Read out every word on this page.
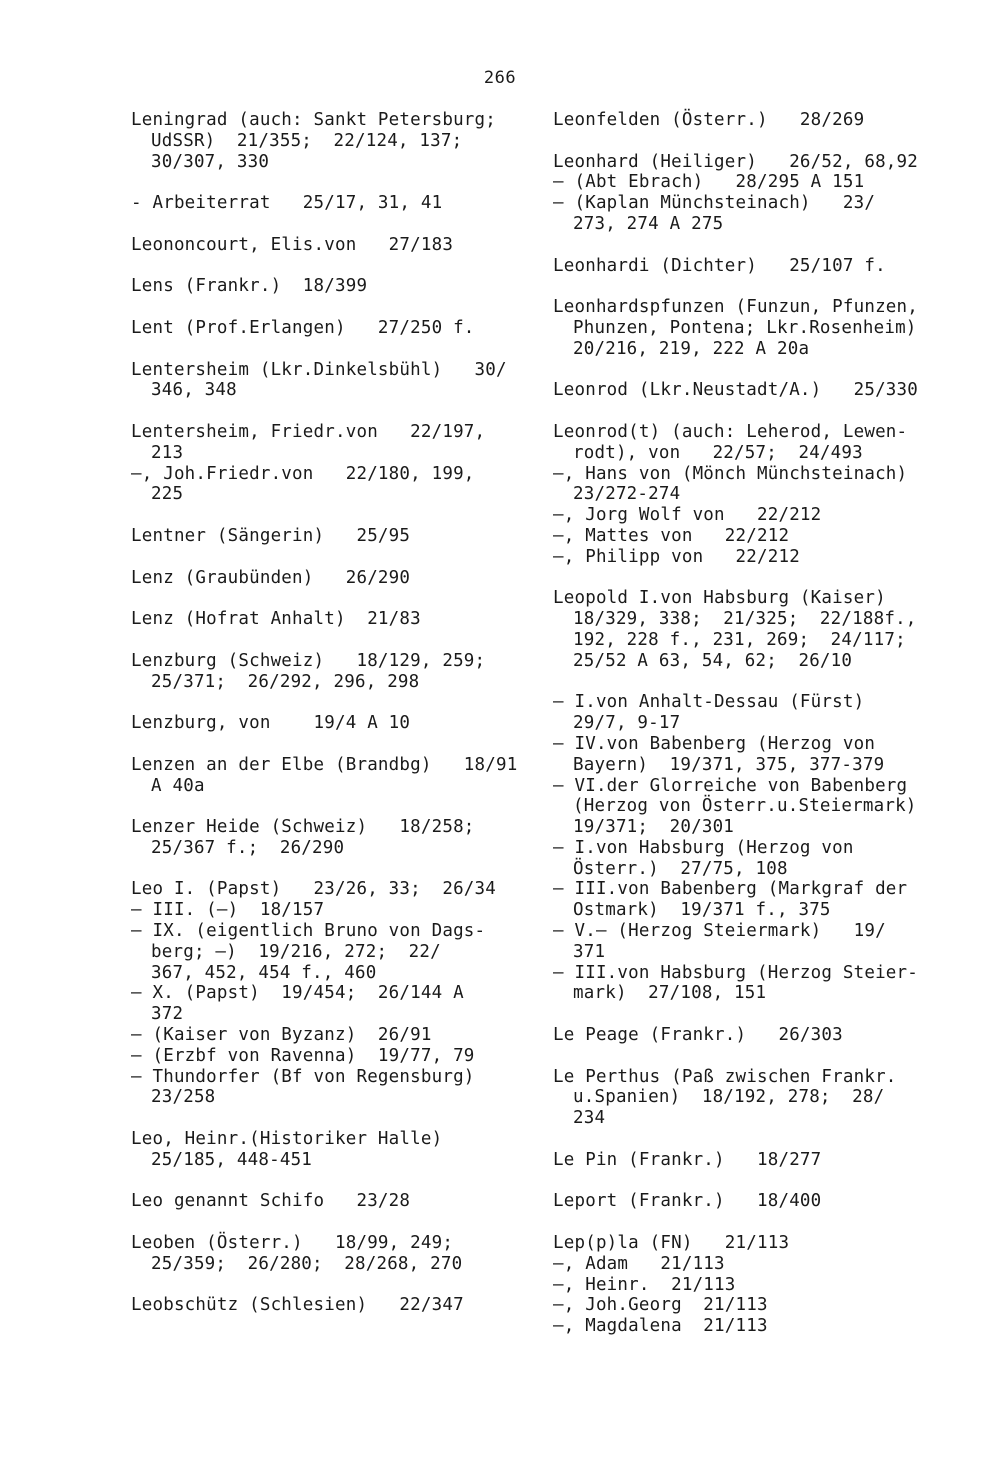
266
Leningrad (auch: Sankt Petersburg;
UdSSR)  21/355;  22/124, 137;
30/307, 330
- Arbeiterrat   25/17, 31, 41
Leononcourt, Elis.von   27/183
Lens (Frankr.)  18/399
Lent (Prof.Erlangen)   27/250 f.
Lentersheim (Lkr.Dinkelsbühl)   30/
346, 348
Lentersheim, Friedr.von   22/197,
213
—, Joh.Friedr.von   22/180, 199,
225
Lentner (Sängerin)   25/95
Lenz (Graubünden)   26/290
Lenz (Hofrat Anhalt)  21/83
Lenzburg (Schweiz)   18/129, 259;
25/371;  26/292, 296, 298
Lenzburg, von    19/4 A 10
Lenzen an der Elbe (Brandbg)   18/91
A 40a
Lenzer Heide (Schweiz)   18/258;
25/367 f.;  26/290
Leo I. (Papst)   23/26, 33;  26/34
— III. (—)  18/157
— IX. (eigentlich Bruno von Dags-
berg; —)  19/216, 272;  22/
367, 452, 454 f., 460
— X. (Papst)  19/454;  26/144 A
372
— (Kaiser von Byzanz)  26/91
— (Erzbf von Ravenna)  19/77, 79
— Thundorfer (Bf von Regensburg)
23/258
Leo, Heinr.(Historiker Halle)
25/185, 448-451
Leo genannt Schifo   23/28
Leoben (Österr.)   18/99, 249;
25/359;  26/280;  28/268, 270
Leobschütz (Schlesien)   22/347
Leonfelden (Österr.)   28/269
Leonhard (Heiliger)   26/52, 68,92
— (Abt Ebrach)   28/295 A 151
— (Kaplan Münchsteinach)   23/
273, 274 A 275
Leonhardi (Dichter)   25/107 f.
Leonhardspfunzen (Funzun, Pfunzen,
Phunzen, Pontena; Lkr.Rosenheim)
20/216, 219, 222 A 20a
Leonrod (Lkr.Neustadt/A.)   25/330
Leonrod(t) (auch: Leherod, Lewen-
rodt), von   22/57;  24/493
—, Hans von (Mönch Münchsteinach)
23/272-274
—, Jorg Wolf von   22/212
—, Mattes von   22/212
—, Philipp von   22/212
Leopold I.von Habsburg (Kaiser)
18/329, 338;  21/325;  22/188f.,
192, 228 f., 231, 269;  24/117;
25/52 A 63, 54, 62;  26/10
— I.von Anhalt-Dessau (Fürst)
29/7, 9-17
— IV.von Babenberg (Herzog von
Bayern)  19/371, 375, 377-379
— VI.der Glorreiche von Babenberg
(Herzog von Österr.u.Steiermark)
19/371;  20/301
— I.von Habsburg (Herzog von
Österr.)  27/75, 108
— III.von Babenberg (Markgraf der
Ostmark)  19/371 f., 375
— V.— (Herzog Steiermark)   19/
371
— III.von Habsburg (Herzog Steier-
mark)  27/108, 151
Le Peage (Frankr.)   26/303
Le Perthus (Paß zwischen Frankr.
u.Spanien)  18/192, 278;  28/
234
Le Pin (Frankr.)   18/277
Leport (Frankr.)   18/400
Lep(p)la (FN)   21/113
—, Adam   21/113
—, Heinr.  21/113
—, Joh.Georg  21/113
—, Magdalena  21/113
